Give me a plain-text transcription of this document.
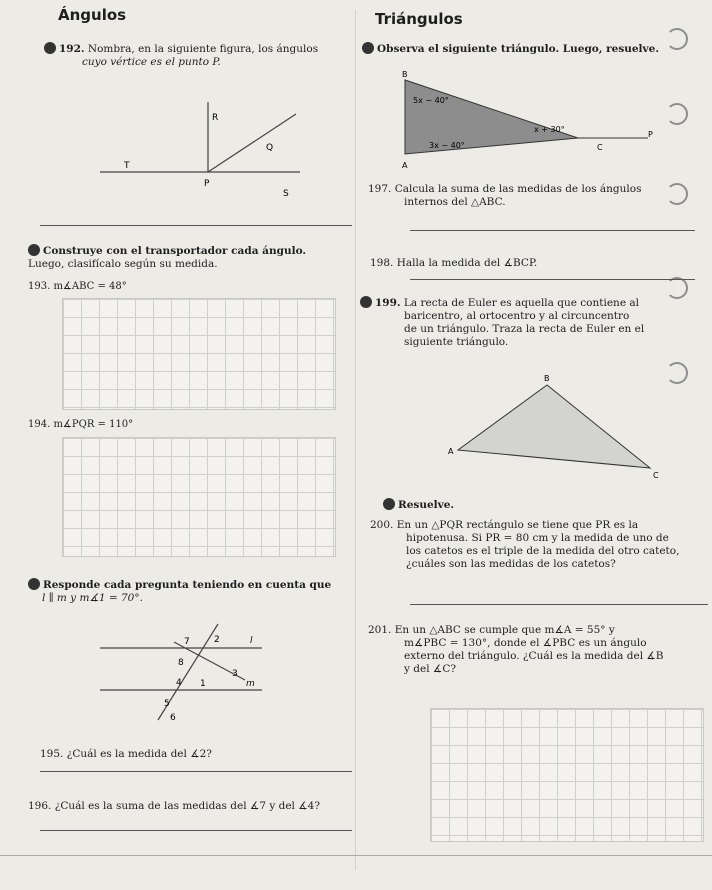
Ángulos
192. Nombra, en la siguiente figura, los ángulos
cuyo vértice es el punto P.
R
Q
T
P
S
Construye con el transportador cada ángulo.
Luego, clasifícalo según su medida.
193. m∡ABC = 48°
194. m∡PQR = 110°
Responde cada pregunta teniendo en cuenta que
l ∥ m y m∡1 = 70°.
7	2	l
8
3
4 1	m
5
6
195. ¿Cuál es la medida del ∡2?
196. ¿Cuál es la suma de las medidas del ∡7 y del ∡4?
Triángulos
Observa el siguiente triángulo. Luego, resuelve.
B
5x − 40°
3x − 40°
x + 30°
C
P
A
197. Calcula la suma de las medidas de los ángulos
internos del △ABC.
198. Halla la medida del ∡BCP.
199. La recta de Euler es aquella que contiene al
baricentro, al ortocentro y al circuncentro
de un triángulo. Traza la recta de Euler en el
siguiente triángulo.
B
A
C
Resuelve.
200. En un △PQR rectángulo se tiene que PR es la
hipotenusa. Si PR = 80 cm y la medida de uno de
los catetos es el triple de la medida del otro cateto,
¿cuáles son las medidas de los catetos?
201. En un △ABC se cumple que m∡A = 55° y
m∡PBC = 130°, donde el ∡PBC es un ángulo
externo del triángulo. ¿Cuál es la medida del ∡B
y del ∡C?
